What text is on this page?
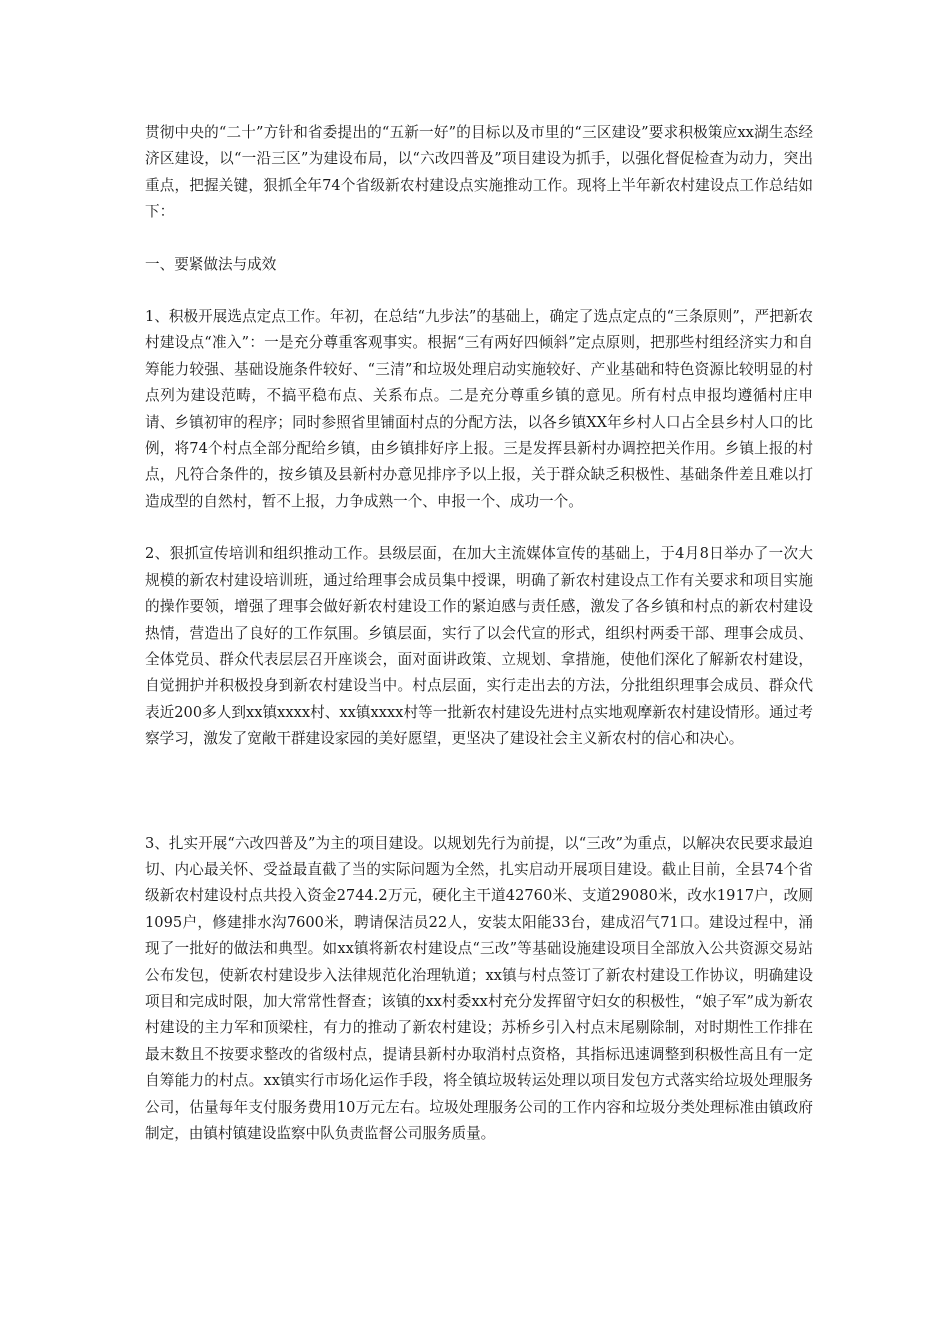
贯彻中央的“二十”方针和省委提出的“五新一好”的目标以及市里的“三区建设”要求积极策应xx湖生态经济区建设，以“一沿三区”为建设布局，以“六改四普及”项目建设为抓手，以强化督促检查为动力，突出重点，把握关键，狠抓全年74个省级新农村建设点实施推动工作。现将上半年新农村建设点工作总结如下：

一、要紧做法与成效

1、积极开展选点定点工作。年初，在总结“九步法”的基础上，确定了选点定点的“三条原则”，严把新农村建设点“准入”：一是充分尊重客观事实。根据“三有两好四倾斜”定点原则，把那些村组经济实力和自筹能力较强、基础设施条件较好、“三清”和垃圾处理启动实施较好、产业基础和特色资源比较明显的村点列为建设范畴，不搞平稳布点、关系布点。二是充分尊重乡镇的意见。所有村点申报均遵循村庄申请、乡镇初审的程序；同时参照省里铺面村点的分配方法，以各乡镇XX年乡村人口占全县乡村人口的比例，将74个村点全部分配给乡镇，由乡镇排好序上报。三是发挥县新村办调控把关作用。乡镇上报的村点，凡符合条件的，按乡镇及县新村办意见排序予以上报，关于群众缺乏积极性、基础条件差且难以打造成型的自然村，暂不上报，力争成熟一个、申报一个、成功一个。

2、狠抓宣传培训和组织推动工作。县级层面，在加大主流媒体宣传的基础上，于4月8日举办了一次大规模的新农村建设培训班，通过给理事会成员集中授课，明确了新农村建设点工作有关要求和项目实施的操作要领，增强了理事会做好新农村建设工作的紧迫感与责任感，激发了各乡镇和村点的新农村建设热情，营造出了良好的工作氛围。乡镇层面，实行了以会代宣的形式，组织村两委干部、理事会成员、全体党员、群众代表层层召开座谈会，面对面讲政策、立规划、拿措施，使他们深化了解新农村建设，自觉拥护并积极投身到新农村建设当中。村点层面，实行走出去的方法，分批组织理事会成员、群众代表近200多人到xx镇xxxx村、xx镇xxxx村等一批新农村建设先进村点实地观摩新农村建设情形。通过考察学习，激发了宽敞干群建设家园的美好愿望，更坚决了建设社会主义新农村的信心和决心。

3、扎实开展“六改四普及”为主的项目建设。以规划先行为前提，以“三改”为重点，以解决农民要求最迫切、内心最关怀、受益最直截了当的实际问题为全然，扎实启动开展项目建设。截止目前，全县74个省级新农村建设村点共投入资金2744.2万元，硬化主干道42760米、支道29080米，改水1917户，改厕1095户，修建排水沟7600米，聘请保洁员22人，安装太阳能33台，建成沼气71口。建设过程中，涌现了一批好的做法和典型。如xx镇将新农村建设点“三改”等基础设施建设项目全部放入公共资源交易站公布发包，使新农村建设步入法律规范化治理轨道；xx镇与村点签订了新农村建设工作协议，明确建设项目和完成时限，加大常常性督查；该镇的xx村委xx村充分发挥留守妇女的积极性，“娘子军”成为新农村建设的主力军和顶梁柱，有力的推动了新农村建设；苏桥乡引入村点末尾剔除制，对时期性工作排在最末数且不按要求整改的省级村点，提请县新村办取消村点资格，其指标迅速调整到积极性高且有一定自筹能力的村点。xx镇实行市场化运作手段，将全镇垃圾转运处理以项目发包方式落实给垃圾处理服务公司，估量每年支付服务费用10万元左右。垃圾处理服务公司的工作内容和垃圾分类处理标准由镇政府制定，由镇村镇建设监察中队负责监督公司服务质量。
